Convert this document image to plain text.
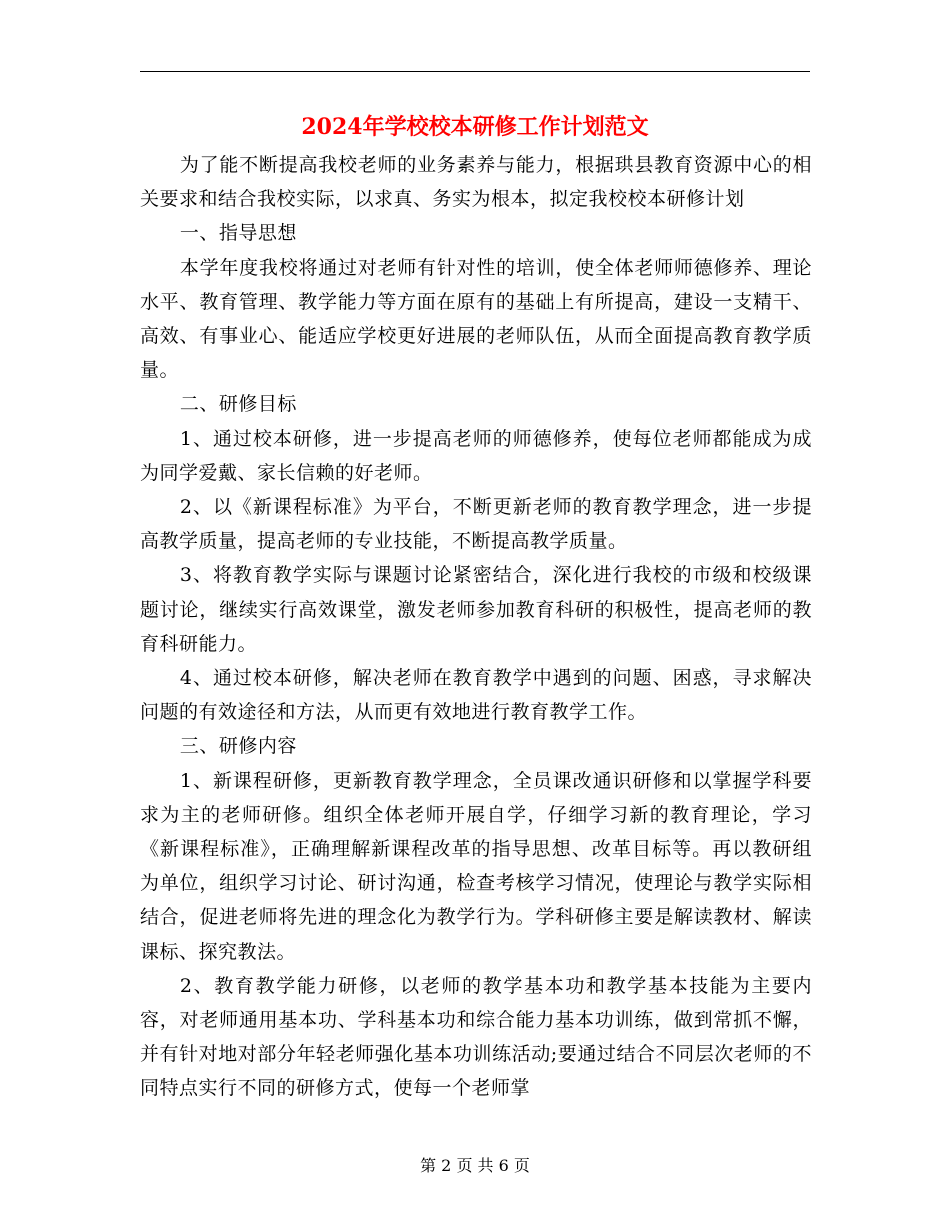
2024年学校校本研修工作计划范文

为了能不断提高我校老师的业务素养与能力，根据珙县教育资源中心的相关要求和结合我校实际，以求真、务实为根本，拟定我校校本研修计划

一、指导思想

本学年度我校将通过对老师有针对性的培训，使全体老师师德修养、理论水平、教育管理、教学能力等方面在原有的基础上有所提高，建设一支精干、高效、有事业心、能适应学校更好进展的老师队伍，从而全面提高教育教学质量。

二、研修目标

1、通过校本研修，进一步提高老师的师德修养，使每位老师都能成为成为同学爱戴、家长信赖的好老师。

2、以《新课程标准》为平台，不断更新老师的教育教学理念，进一步提高教学质量，提高老师的专业技能，不断提高教学质量。

3、将教育教学实际与课题讨论紧密结合，深化进行我校的市级和校级课题讨论，继续实行高效课堂，激发老师参加教育科研的积极性，提高老师的教育科研能力。

4、通过校本研修，解决老师在教育教学中遇到的问题、困惑，寻求解决问题的有效途径和方法，从而更有效地进行教育教学工作。

三、研修内容

1、新课程研修，更新教育教学理念，全员课改通识研修和以掌握学科要求为主的老师研修。组织全体老师开展自学，仔细学习新的教育理论，学习《新课程标准》，正确理解新课程改革的指导思想、改革目标等。再以教研组为单位，组织学习讨论、研讨沟通，检查考核学习情况，使理论与教学实际相结合，促进老师将先进的理念化为教学行为。学科研修主要是解读教材、解读课标、探究教法。

2、教育教学能力研修，以老师的教学基本功和教学基本技能为主要内容，对老师通用基本功、学科基本功和综合能力基本功训练，做到常抓不懈，并有针对地对部分年轻老师强化基本功训练活动;要通过结合不同层次老师的不同特点实行不同的研修方式，使每一个老师掌

第 2 页 共 6 页
